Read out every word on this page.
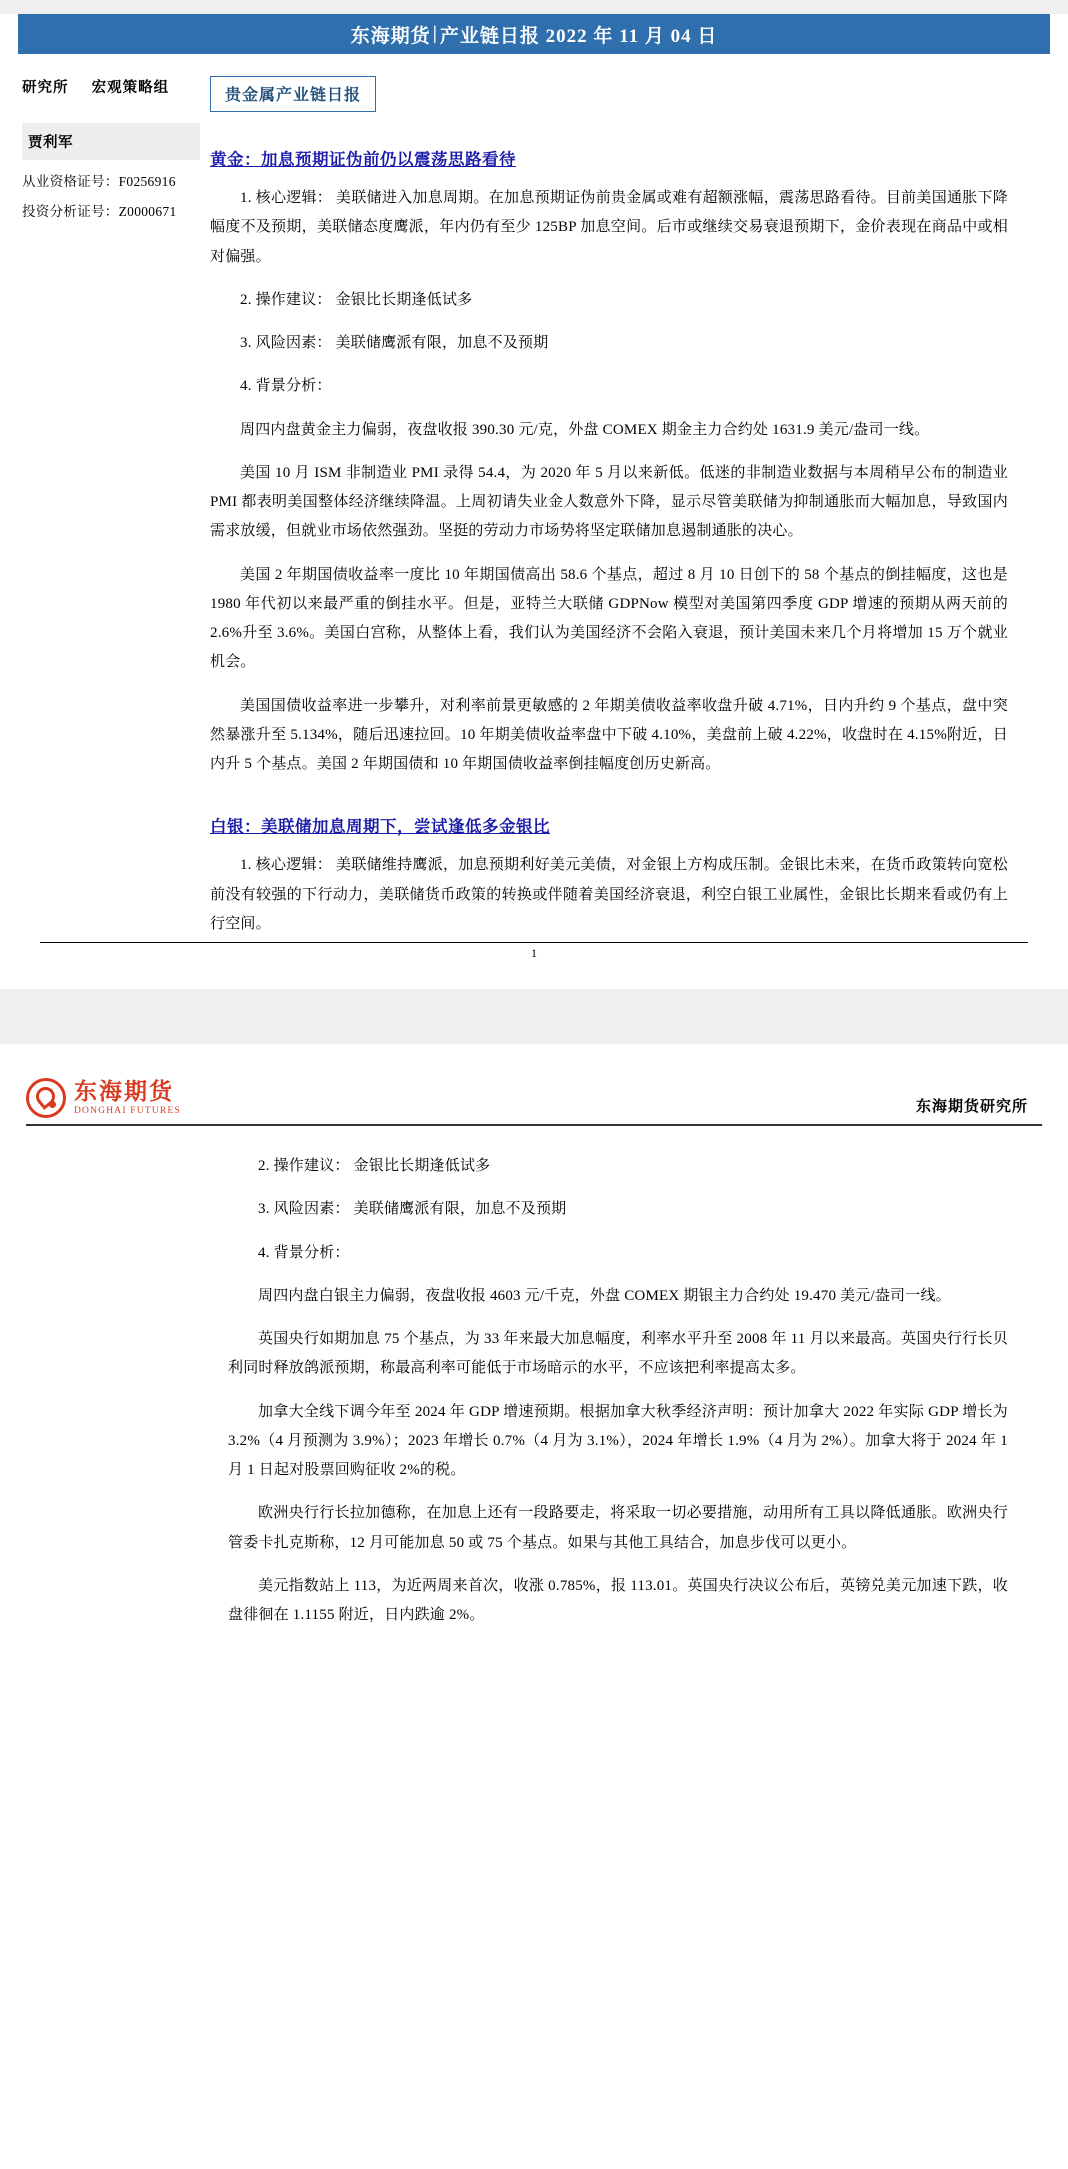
东海期货 | 产业链日报 2022 年 11 月 04 日
研究所 宏观策略组
贾利军
从业资格证号：F0256916
投资分析证号：Z0000671
贵金属产业链日报
黄金：加息预期证伪前仍以震荡思路看待
1. 核心逻辑： 美联储进入加息周期。在加息预期证伪前贵金属或难有超额涨幅，震荡思路看待。目前美国通胀下降幅度不及预期，美联储态度鹰派，年内仍有至少 125BP 加息空间。后市或继续交易衰退预期下，金价表现在商品中或相对偏强。
2. 操作建议： 金银比长期逢低试多
3. 风险因素： 美联储鹰派有限，加息不及预期
4. 背景分析：
周四内盘黄金主力偏弱，夜盘收报 390.30 元/克，外盘 COMEX 期金主力合约处 1631.9 美元/盎司一线。
美国 10 月 ISM 非制造业 PMI 录得 54.4，为 2020 年 5 月以来新低。低迷的非制造业数据与本周稍早公布的制造业 PMI 都表明美国整体经济继续降温。上周初请失业金人数意外下降，显示尽管美联储为抑制通胀而大幅加息，导致国内需求放缓，但就业市场依然强劲。坚挺的劳动力市场势将坚定联储加息遏制通胀的决心。
美国 2 年期国债收益率一度比 10 年期国债高出 58.6 个基点，超过 8 月 10 日创下的 58 个基点的倒挂幅度，这也是 1980 年代初以来最严重的倒挂水平。但是，亚特兰大联储 GDPNow 模型对美国第四季度 GDP 增速的预期从两天前的 2.6%升至 3.6%。美国白宫称，从整体上看，我们认为美国经济不会陷入衰退，预计美国未来几个月将增加 15 万个就业机会。
美国国债收益率进一步攀升，对利率前景更敏感的 2 年期美债收益率收盘升破 4.71%，日内升约 9 个基点，盘中突然暴涨升至 5.134%，随后迅速拉回。10 年期美债收益率盘中下破 4.10%，美盘前上破 4.22%，收盘时在 4.15%附近，日内升 5 个基点。美国 2 年期国债和 10 年期国债收益率倒挂幅度创历史新高。
白银：美联储加息周期下，尝试逢低多金银比
1. 核心逻辑： 美联储维持鹰派，加息预期利好美元美债，对金银上方构成压制。金银比未来，在货币政策转向宽松前没有较强的下行动力，美联储货币政策的转换或伴随着美国经济衰退，利空白银工业属性，金银比长期来看或仍有上行空间。
1
东海期货
DONGHAI FUTURES	东海期货研究所
2. 操作建议： 金银比长期逢低试多
3. 风险因素： 美联储鹰派有限，加息不及预期
4. 背景分析：
周四内盘白银主力偏弱，夜盘收报 4603 元/千克，外盘 COMEX 期银主力合约处 19.470 美元/盎司一线。
英国央行如期加息 75 个基点，为 33 年来最大加息幅度，利率水平升至 2008 年 11 月以来最高。英国央行行长贝利同时释放鸽派预期，称最高利率可能低于市场暗示的水平，不应该把利率提高太多。
加拿大全线下调今年至 2024 年 GDP 增速预期。根据加拿大秋季经济声明：预计加拿大 2022 年实际 GDP 增长为 3.2%（4 月预测为 3.9%）；2023 年增长 0.7%（4 月为 3.1%），2024 年增长 1.9%（4 月为 2%）。加拿大将于 2024 年 1 月 1 日起对股票回购征收 2%的税。
欧洲央行行长拉加德称，在加息上还有一段路要走，将采取一切必要措施，动用所有工具以降低通胀。欧洲央行管委卡扎克斯称，12 月可能加息 50 或 75 个基点。如果与其他工具结合，加息步伐可以更小。
美元指数站上 113，为近两周来首次，收涨 0.785%，报 113.01。英国央行决议公布后，英镑兑美元加速下跌，收盘徘徊在 1.1155 附近，日内跌逾 2%。
